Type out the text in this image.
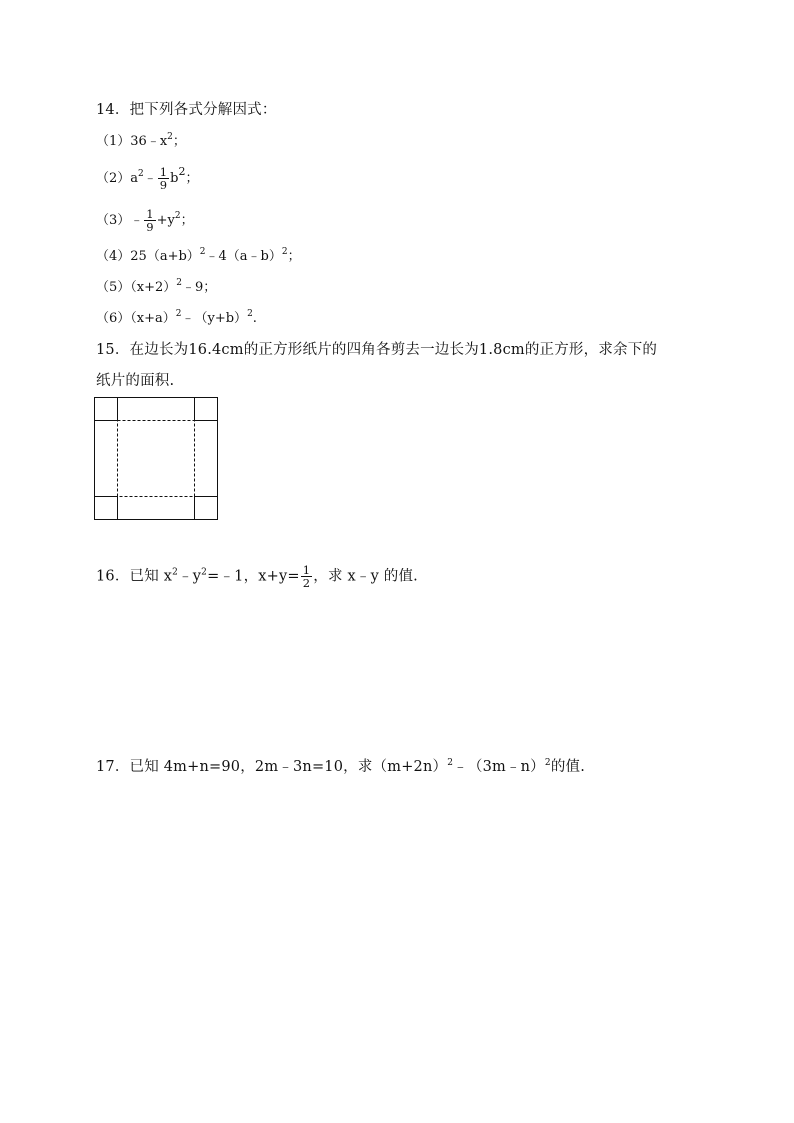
14．把下列各式分解因式：
$(1)36﹣x^2$；
$(2)a^2﹣ \frac{1}{9} b^2$；
（3）﹣ $\frac{1}{9} +y^2$；
$(4)25(a+b)^2﹣4(a﹣b)^2$；
$(5)(x+2)^2﹣9$；
$(6)(x+a)^2﹣(y+b)^2$.
15．在边长为16.4cm的正方形纸片的四角各剪去一边长为1.8cm的正方形，求余下的
纸片的面积.
16．已知 $x^2﹣y^2=﹣1$，$x+y= \frac{1}{2}$ ，求 x﹣y 的值.
17．已知 4m+n=90，2m﹣3n=10，求$(m+2n)^2﹣(3m﹣n)^2$的值.
